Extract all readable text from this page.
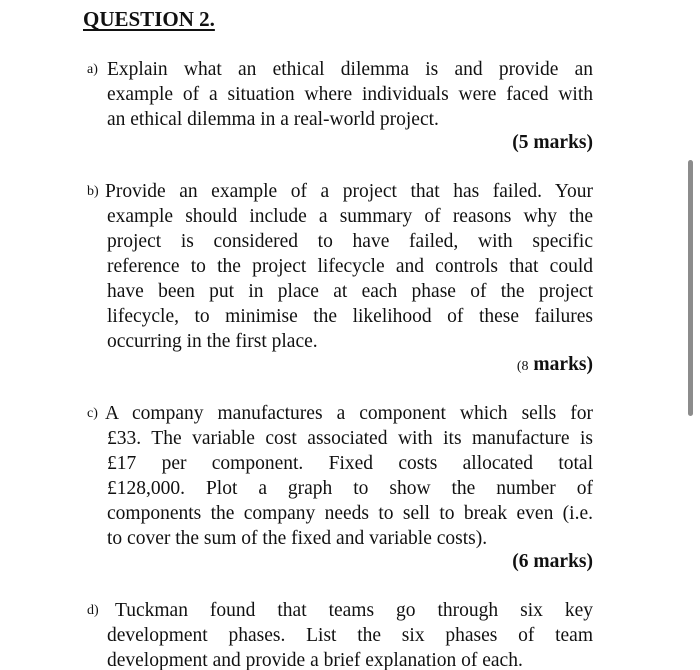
QUESTION 2.
a) Explain what an ethical dilemma is and provide an
example of a situation where individuals were faced with
an ethical dilemma in a real-world project.
(5 marks)
b) Provide an example of a project that has failed. Your
example should include a summary of reasons why the
project is considered to have failed, with specific
reference to the project lifecycle and controls that could
have been put in place at each phase of the project
lifecycle, to minimise the likelihood of these failures
occurring in the first place.
(8 marks)
c) A company manufactures a component which sells for
£33. The variable cost associated with its manufacture is
£17 per component. Fixed costs allocated total
£128,000. Plot a graph to show the number of
components the company needs to sell to break even (i.e.
to cover the sum of the fixed and variable costs).
(6 marks)
d) Tuckman found that teams go through six key
development phases. List the six phases of team
development and provide a brief explanation of each.
